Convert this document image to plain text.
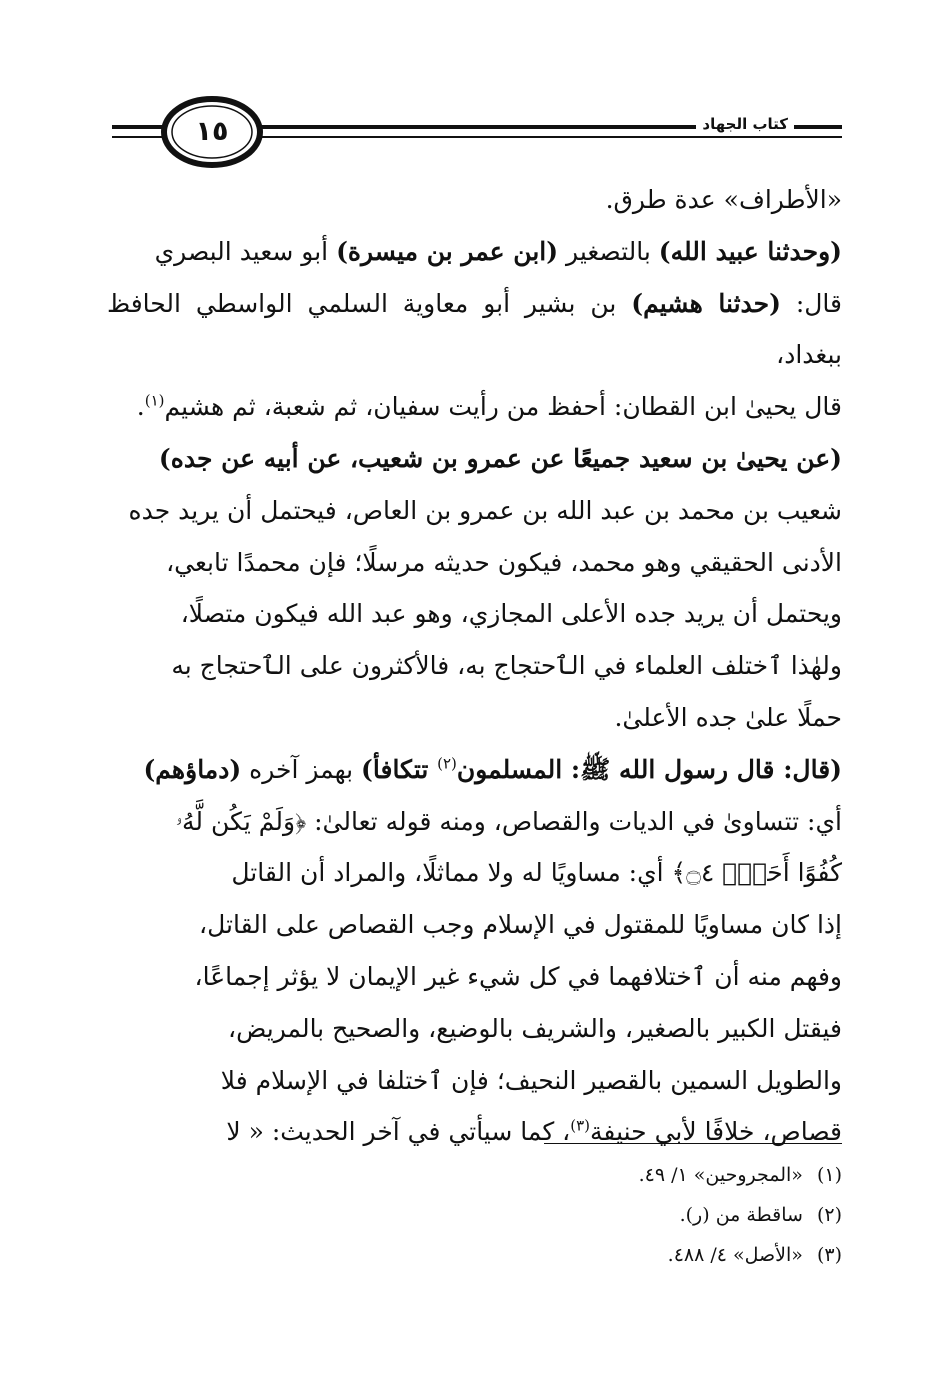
١٥	كتاب الجهاد
«الأطراف» عدة طرق.
(وحدثنا عبيد الله) بالتصغير (ابن عمر بن ميسرة) أبو سعيد البصري
قال: (حدثنا هشيم) بن بشير أبو معاوية السلمي الواسطي الحافظ ببغداد،
قال يحيىٰ ابن القطان: أحفظ من رأيت سفيان، ثم شعبة، ثم هشيم$^{(١)}$.
(عن يحيىٰ بن سعيد جميعًا عن عمرو بن شعيب، عن أبيه عن جده)
شعيب بن محمد بن عبد الله بن عمرو بن العاص، فيحتمل أن يريد جده
الأدنى الحقيقي وهو محمد، فيكون حديثه مرسلًا؛ فإن محمدًا تابعي،
ويحتمل أن يريد جده الأعلى المجازي، وهو عبد الله فيكون متصلًا،
ولهٰذا ٱختلف العلماء في الٱحتجاج به، فالأكثرون على الٱحتجاج به
حملًا علىٰ جده الأعلىٰ.
(قال: قال رسول الله ﷺ: المسلمون$^{(٢)}$ تتكافأ) بهمز آخره (دماؤهم)
أي: تتساوىٰ في الديات والقصاص، ومنه قوله تعالىٰ: ﴿وَلَمْ يَكُن لَّهُۥ
كُفُوًا أَحَدٌۢ ۝٤﴾ أي: مساويًا له ولا مماثلًا، والمراد أن القاتل
إذا كان مساويًا للمقتول في الإسلام وجب القصاص على القاتل،
وفهم منه أن ٱختلافهما في كل شيء غير الإيمان لا يؤثر إجماعًا،
فيقتل الكبير بالصغير، والشريف بالوضيع، والصحيح بالمريض،
والطويل السمين بالقصير النحيف؛ فإن ٱختلفا في الإسلام فلا
قصاص، خلافًا لأبي حنيفة$^{(٣)}$، كما سيأتي في آخر الحديث: « لا

(١)«المجروحين» ١/ ٤٩.

(٢)ساقطة من (ر).

(٣)«الأصل» ٤/ ٤٨٨.
